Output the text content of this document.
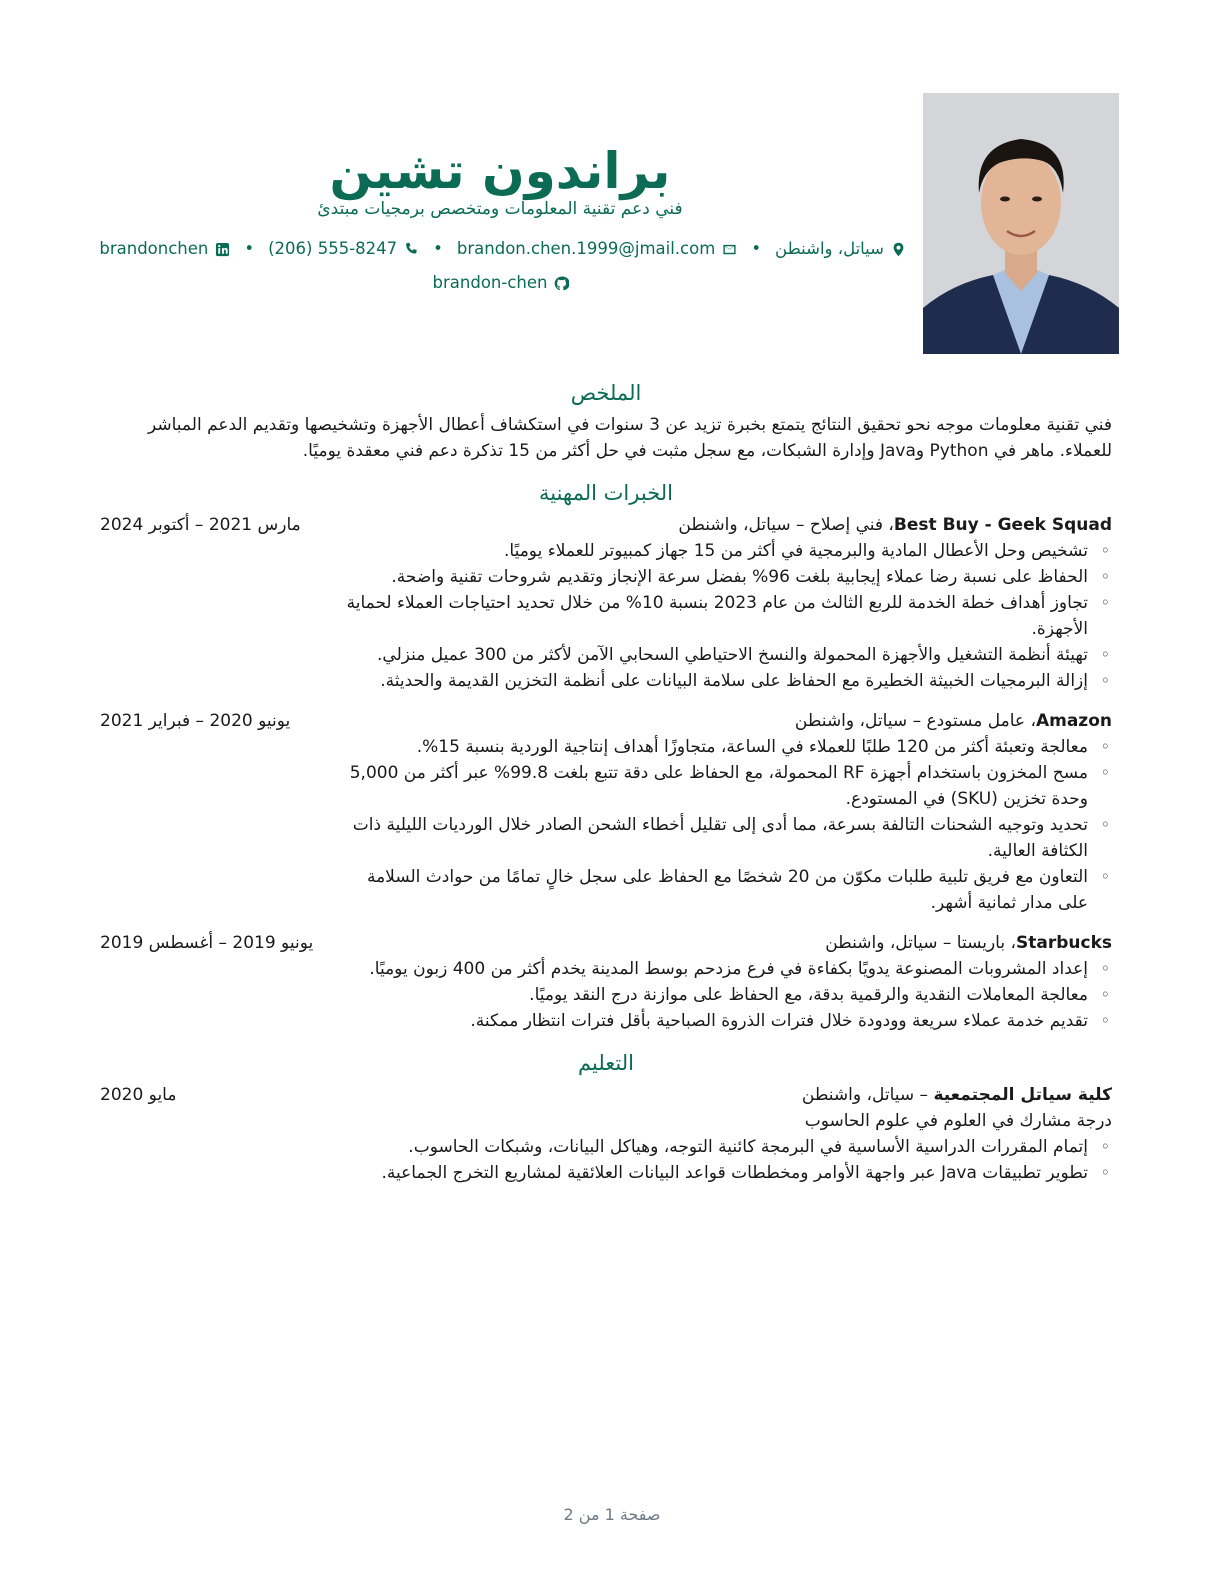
براندون تشين
فني دعم تقنية المعلومات ومتخصص برمجيات مبتدئ
brandonchen • (206) 555-8247 • brandon.chen.1999@jmail.com • سياتل، واشنطن
brandon-chen
الملخص

فني تقنية معلومات موجه نحو تحقيق النتائج يتمتع بخبرة تزيد عن 3 سنوات في استكشاف أعطال الأجهزة وتشخيصها وتقديم الدعم المباشر للعملاء. ماهر في Python وJava وإدارة الشبكات، مع سجل مثبت في حل أكثر من 15 تذكرة دعم فني معقدة يوميًا.

الخبرات المهنية
Best Buy - Geek Squad، فني إصلاح – سياتل، واشنطن
مارس 2021 – أكتوبر 2024
◦ تشخيص وحل الأعطال المادية والبرمجية في أكثر من 15 جهاز كمبيوتر للعملاء يوميًا.
◦ الحفاظ على نسبة رضا عملاء إيجابية بلغت 96% بفضل سرعة الإنجاز وتقديم شروحات تقنية واضحة.
◦ تجاوز أهداف خطة الخدمة للربع الثالث من عام 2023 بنسبة 10% من خلال تحديد احتياجات العملاء لحماية الأجهزة.
◦ تهيئة أنظمة التشغيل والأجهزة المحمولة والنسخ الاحتياطي السحابي الآمن لأكثر من 300 عميل منزلي.
◦ إزالة البرمجيات الخبيثة الخطيرة مع الحفاظ على سلامة البيانات على أنظمة التخزين القديمة والحديثة.
Amazon، عامل مستودع – سياتل، واشنطن
يونيو 2020 – فبراير 2021
◦ معالجة وتعبئة أكثر من 120 طلبًا للعملاء في الساعة، متجاوزًا أهداف إنتاجية الوردية بنسبة 15%.
◦ مسح المخزون باستخدام أجهزة RF المحمولة، مع الحفاظ على دقة تتبع بلغت 99.8% عبر أكثر من 5,000 وحدة تخزين (SKU) في المستودع.
◦ تحديد وتوجيه الشحنات التالفة بسرعة، مما أدى إلى تقليل أخطاء الشحن الصادر خلال الورديات الليلية ذات الكثافة العالية.
◦ التعاون مع فريق تلبية طلبات مكوّن من 20 شخصًا مع الحفاظ على سجل خالٍ تمامًا من حوادث السلامة على مدار ثمانية أشهر.
Starbucks، باريستا – سياتل، واشنطن
يونيو 2019 – أغسطس 2019
◦ إعداد المشروبات المصنوعة يدويًا بكفاءة في فرع مزدحم بوسط المدينة يخدم أكثر من 400 زبون يوميًا.
◦ معالجة المعاملات النقدية والرقمية بدقة، مع الحفاظ على موازنة درج النقد يوميًا.
◦ تقديم خدمة عملاء سريعة وودودة خلال فترات الذروة الصباحية بأقل فترات انتظار ممكنة.
التعليم
كلية سياتل المجتمعية – سياتل، واشنطن
مايو 2020

درجة مشارك في العلوم في علوم الحاسوب

◦ إتمام المقررات الدراسية الأساسية في البرمجة كائنية التوجه، وهياكل البيانات، وشبكات الحاسوب.
◦ تطوير تطبيقات Java عبر واجهة الأوامر ومخططات قواعد البيانات العلائقية لمشاريع التخرج الجماعية.
صفحة 1 من 2
